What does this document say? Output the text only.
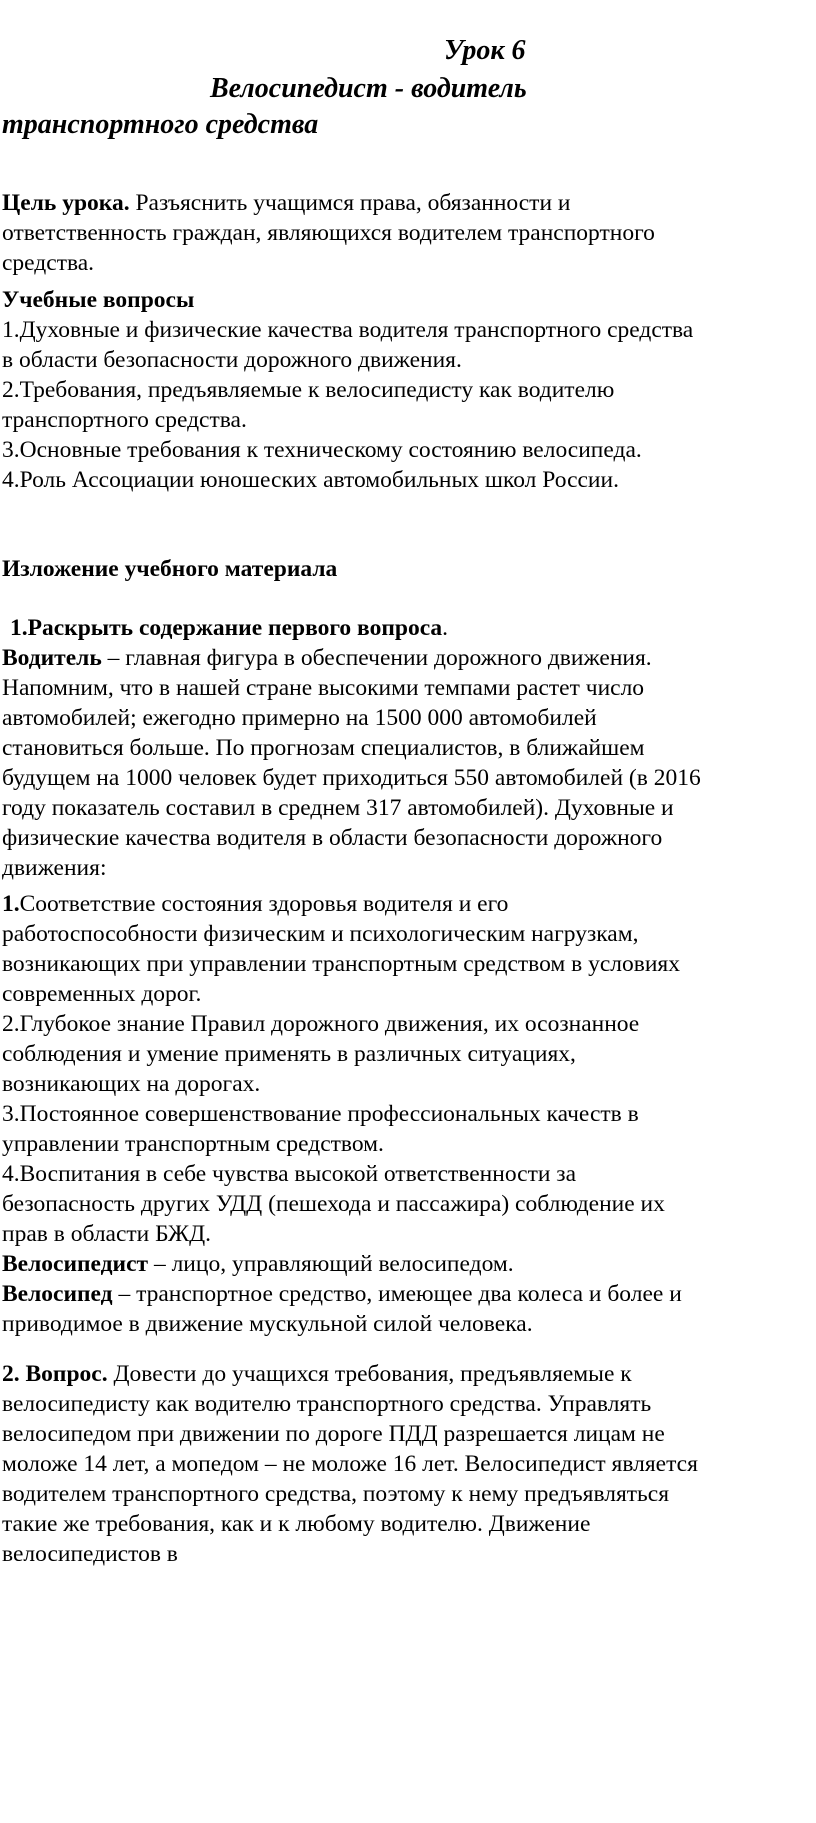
Урок 6
Велосипедист - водитель
транспортного средства

Цель урока. Разъяснить учащимся права, обязанности и ответственность граждан, являющихся водителем транспортного средства.

Учебные вопросы

1.Духовные и физические качества водителя транспортного средства в области безопасности дорожного движения.

2.Требования, предъявляемые к велосипедисту как водителю транспортного средства.

3.Основные требования к техническому состоянию велосипеда.

4.Роль Ассоциации юношеских автомобильных школ России.

Изложение учебного материала

1.Раскрыть содержание первого вопроса.

Водитель – главная фигура в обеспечении дорожного движения. Напомним, что в нашей стране высокими темпами растет число автомобилей; ежегодно примерно на 1500 000 автомобилей становиться больше. По прогнозам специалистов, в ближайшем будущем на 1000 человек будет приходиться 550 автомобилей (в 2016 году показатель составил в среднем 317 автомобилей). Духовные и физические качества водителя в области безопасности дорожного движения:

1.Соответствие состояния здоровья водителя и его работоспособности физическим и психологическим нагрузкам, возникающих при управлении транспортным средством в условиях современных дорог.

2.Глубокое знание Правил дорожного движения, их осознанное соблюдения и умение применять в различных ситуациях, возникающих на дорогах.

3.Постоянное совершенствование профессиональных качеств в управлении транспортным средством.

4.Воспитания в себе чувства высокой ответственности за безопасность других УДД (пешехода и пассажира) соблюдение их прав в области БЖД.

Велосипедист – лицо, управляющий велосипедом.

Велосипед – транспортное средство, имеющее два колеса и более и приводимое в движение мускульной силой человека.

2. Вопрос. Довести до учащихся требования, предъявляемые к велосипедисту как водителю транспортного средства. Управлять велосипедом при движении по дороге ПДД разрешается лицам не моложе 14 лет, а мопедом – не моложе 16 лет. Велосипедист является водителем транспортного средства, поэтому к нему предъявляться такие же требования, как и к любому водителю. Движение велосипедистов в
